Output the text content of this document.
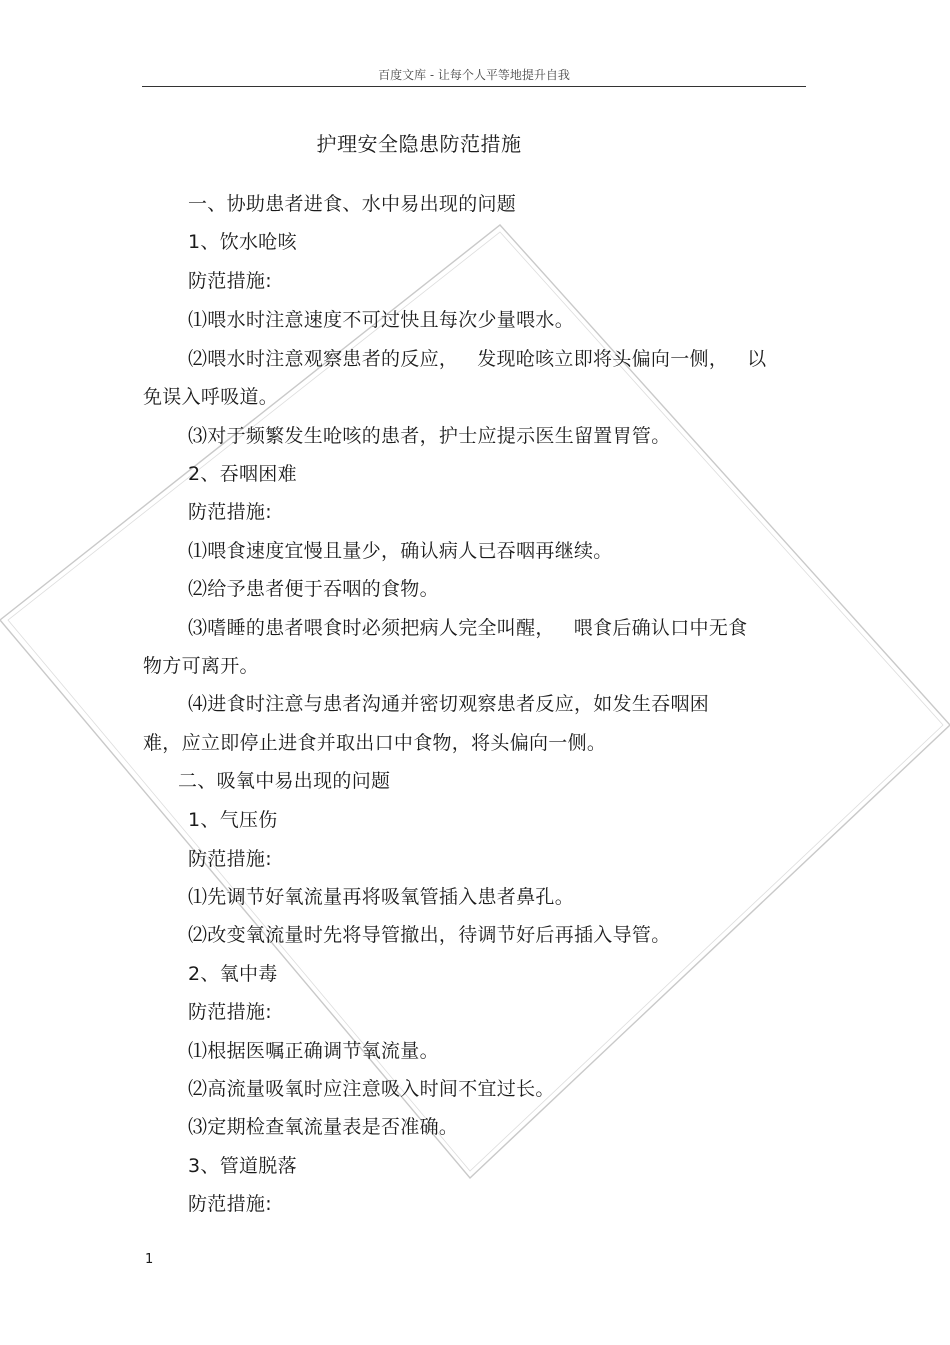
百度文库 - 让每个人平等地提升自我
护理安全隐患防范措施
一、协助患者进食、水中易出现的问题
1、饮水呛咳
防范措施:
⑴喂水时注意速度不可过快且每次少量喂水。
⑵喂水时注意观察患者的反应，   发现呛咳立即将头偏向一侧，   以
免误入呼吸道。
⑶对于频繁发生呛咳的患者，护士应提示医生留置胃管。
2、吞咽困难
防范措施:
⑴喂食速度宜慢且量少，确认病人已吞咽再继续。
⑵给予患者便于吞咽的食物。
⑶嗜睡的患者喂食时必须把病人完全叫醒，   喂食后确认口中无食
物方可离开。
⑷进食时注意与患者沟通并密切观察患者反应，如发生吞咽困
难，应立即停止进食并取出口中食物，将头偏向一侧。
二、吸氧中易出现的问题
1、气压伤
防范措施:
⑴先调节好氧流量再将吸氧管插入患者鼻孔。
⑵改变氧流量时先将导管撤出，待调节好后再插入导管。
2、氧中毒
防范措施:
⑴根据医嘱正确调节氧流量。
⑵高流量吸氧时应注意吸入时间不宜过长。
⑶定期检查氧流量表是否准确。
3、管道脱落
防范措施:
1
